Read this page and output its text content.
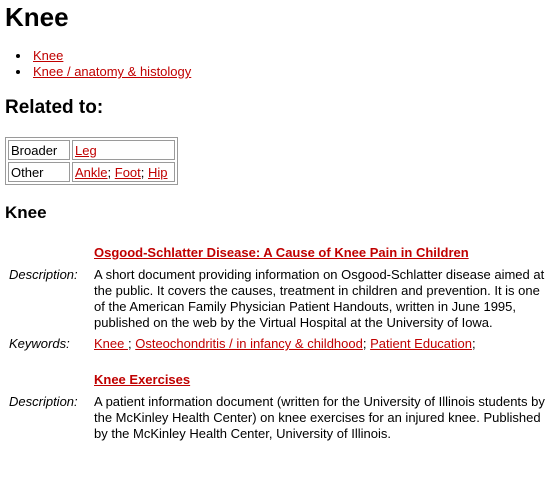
Knee
• Knee
• Knee / anatomy & histology
Related to:
Broader	Leg
Other	Ankle; Foot; Hip
Knee
Osgood-Schlatter Disease: A Cause of Knee Pain in Children
Description:	A short document providing information on Osgood-Schlatter disease aimed at the public. It covers the causes, treatment in children and prevention. It is one of the American Family Physician Patient Handouts, written in June 1995, published on the web by the Virtual Hospital at the University of Iowa.
Keywords:	Knee ; Osteochondritis / in infancy & childhood; Patient Education;
Knee Exercises
Description:	A patient information document (written for the University of Illinois students by the McKinley Health Center) on knee exercises for an injured knee. Published by the McKinley Health Center, University of Illinois.
